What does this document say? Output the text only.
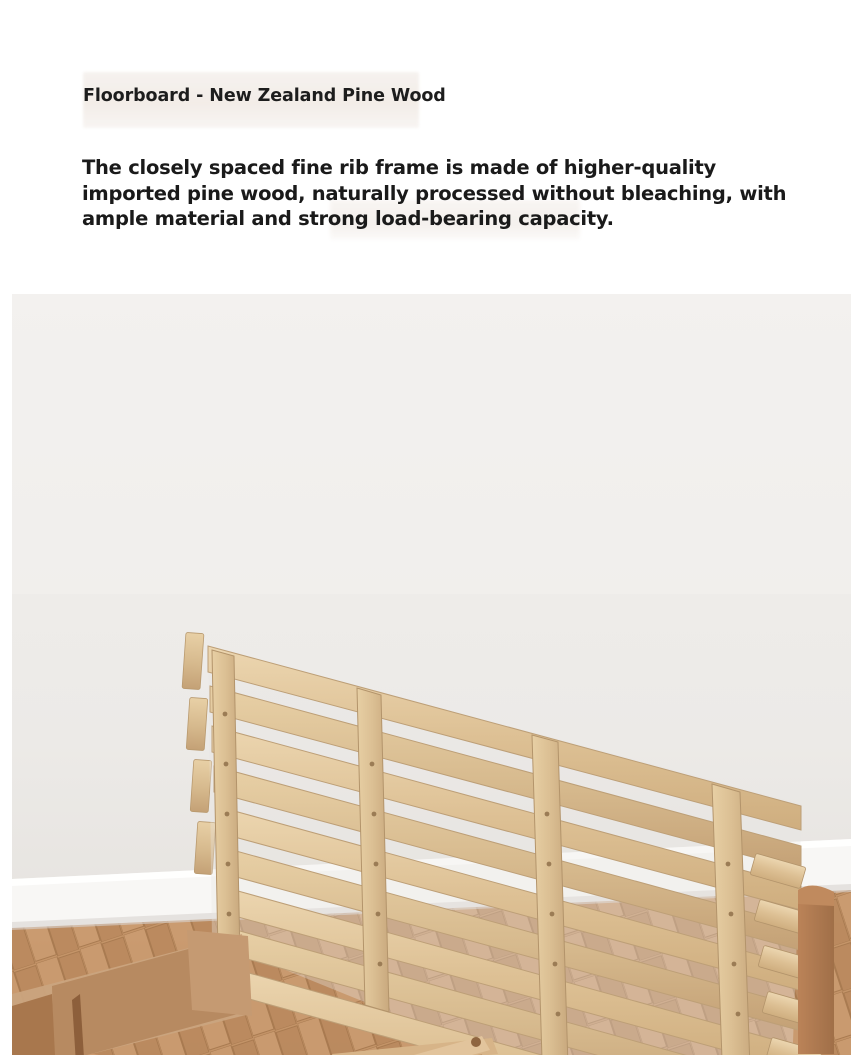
Floorboard - New Zealand Pine Wood
The closely spaced fine rib frame is made of higher-quality imported pine wood, naturally processed without bleaching, with ample material and strong load-bearing capacity.
